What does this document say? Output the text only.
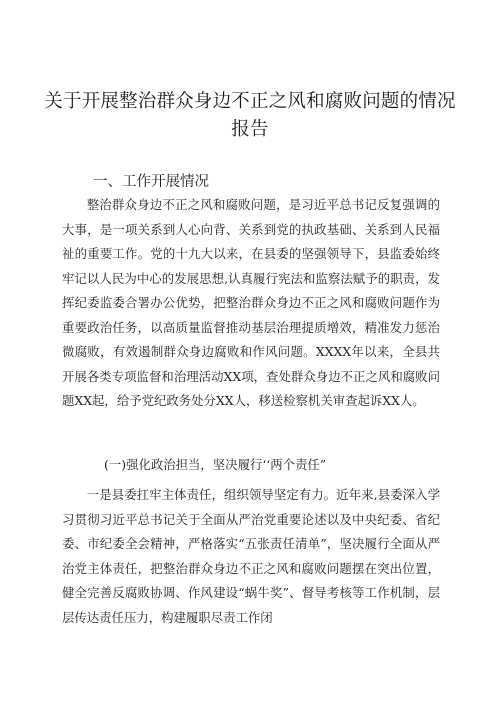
关于开展整治群众身边不正之风和腐败问题的情况报告
一、工作开展情况

整治群众身边不正之风和腐败问题，是习近平总书记反复强调的大事，是一项关系到人心向背、关系到党的执政基础、关系到人民福祉的重要工作。党的十九大以来，在县委的坚强领导下，县监委始终牢记以人民为中心的发展思想,认真履行宪法和监察法赋予的职责，发挥纪委监委合署办公优势，把整治群众身边不正之风和腐败问题作为重要政治任务，以高质量监督推动基层治理提质增效，精准发力惩治微腐败，有效遏制群众身边腐败和作风问题。XXXX年以来，全县共开展各类专项监督和治理活动XX项，查处群众身边不正之风和腐败问题XX起，给予党纪政务处分XX人，移送检察机关审查起诉XX人。

(一)强化政治担当，坚决履行‘‘两个责任”

一是县委扛牢主体责任，组织领导坚定有力。近年来,县委深入学习贯彻习近平总书记关于全面从严治党重要论述以及中央纪委、省纪委、市纪委全会精神，严格落实“五张责任清单”，坚决履行全面从严治党主体责任，把整治群众身边不正之风和腐败问题摆在突出位置，健全完善反腐败协调、作风建设“蜗牛奖”、督导考核等工作机制，层层传达责任压力，构建履职尽责工作闭
